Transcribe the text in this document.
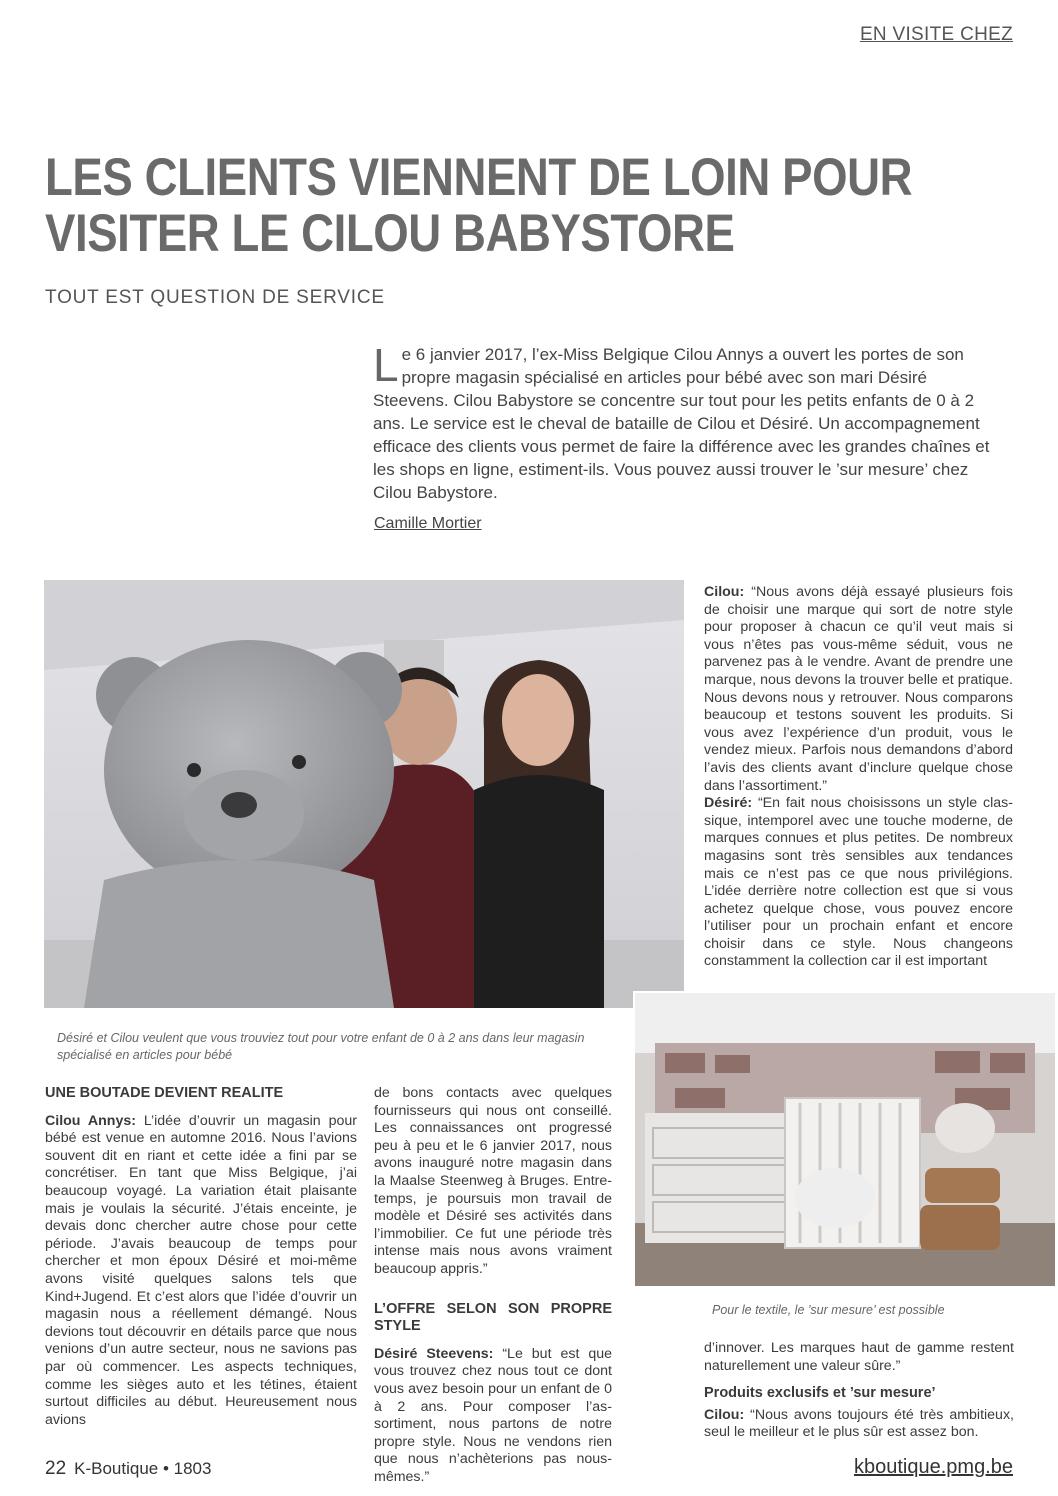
EN VISITE CHEZ
LES CLIENTS VIENNENT DE LOIN POUR
VISITER LE CILOU BABYSTORE
TOUT EST QUESTION DE SERVICE
Le 6 janvier 2017, l’ex-Miss Belgique Cilou Annys a ouvert les portes de son propre magasin spécialisé en articles pour bébé avec son mari Désiré Steevens. Cilou Babystore se concentre sur tout pour les petits enfants de 0 à 2 ans. Le service est le cheval de bataille de Cilou et Désiré. Un accompagnement efficace des clients vous permet de faire la différence avec les grandes chaînes et les shops en ligne, estiment-ils. Vous pouvez aussi trouver le ’sur mesure’ chez Cilou Babystore.
Camille Mortier
Désiré et Cilou veulent que vous trouviez tout pour votre enfant de 0 à 2 ans dans leur magasin spécialisé en articles pour bébé
Pour le textile, le ’sur mesure’ est possible
Cilou: “Nous avons déjà essayé plusieurs fois de choisir une marque qui sort de notre style pour proposer à chacun ce qu’il veut mais si vous n’êtes pas vous-même séduit, vous ne parvenez pas à le vendre. Avant de prendre une marque, nous devons la trouver belle et pratique. Nous devons nous y retrouver. Nous comparons beaucoup et testons souvent les produits. Si vous avez l’expérience d’un produit, vous le vendez mieux. Parfois nous demandons d’abord l’avis des clients avant d’inclure quelque chose dans l’assortiment.”
Désiré: “En fait nous choisissons un style classique, intemporel avec une touche moderne, de marques connues et plus petites. De nombreux magasins sont très sensibles aux tendances mais ce n’est pas ce que nous privilégions. L’idée derrière notre collection est que si vous achetez quelque chose, vous pouvez encore l’utiliser pour un prochain enfant et encore choisir dans ce style. Nous changeons constamment la collection car il est important
UNE BOUTADE DEVIENT REALITE
Cilou Annys: L’idée d’ouvrir un magasin pour bébé est venue en automne 2016. Nous l’avions souvent dit en riant et cette idée a fini par se concrétiser. En tant que Miss Belgique, j’ai beaucoup voyagé. La variation était plaisante mais je voulais la sécurité. J’étais enceinte, je devais donc chercher autre chose pour cette période. J’avais beaucoup de temps pour chercher et mon époux Désiré et moi-même avons visité quelques salons tels que Kind+Jugend. Et c’est alors que l’idée d’ouvrir un magasin nous a réellement démangé. Nous devions tout découvrir en détails parce que nous venions d’un autre secteur, nous ne savions pas par où commencer. Les aspects techniques, comme les sièges auto et les tétines, étaient surtout difficiles au début. Heureusement nous avions
de bons contacts avec quelques fournisseurs qui nous ont conseillé. Les connaissances ont progressé peu à peu et le 6 janvier 2017, nous avons inauguré notre magasin dans la Maalse Steenweg à Bruges. Entre-temps, je poursuis mon travail de modèle et Désiré ses activités dans l’immobilier. Ce fut une période très intense mais nous avons vraiment beaucoup appris.”
L’OFFRE SELON SON PROPRE STYLE
Désiré Steevens: “Le but est que vous trouvez chez nous tout ce dont vous avez besoin pour un enfant de 0 à 2 ans. Pour composer l’assortiment, nous partons de notre propre style. Nous ne vendons rien que nous n’achèterions pas nous-mêmes.”
d’innover. Les marques haut de gamme restent naturellement une valeur sûre.”
Produits exclusifs et ’sur mesure’
Cilou: “Nous avons toujours été très ambitieux, seul le meilleur et le plus sûr est assez bon.
22 K-Boutique • 1803	kboutique.pmg.be
